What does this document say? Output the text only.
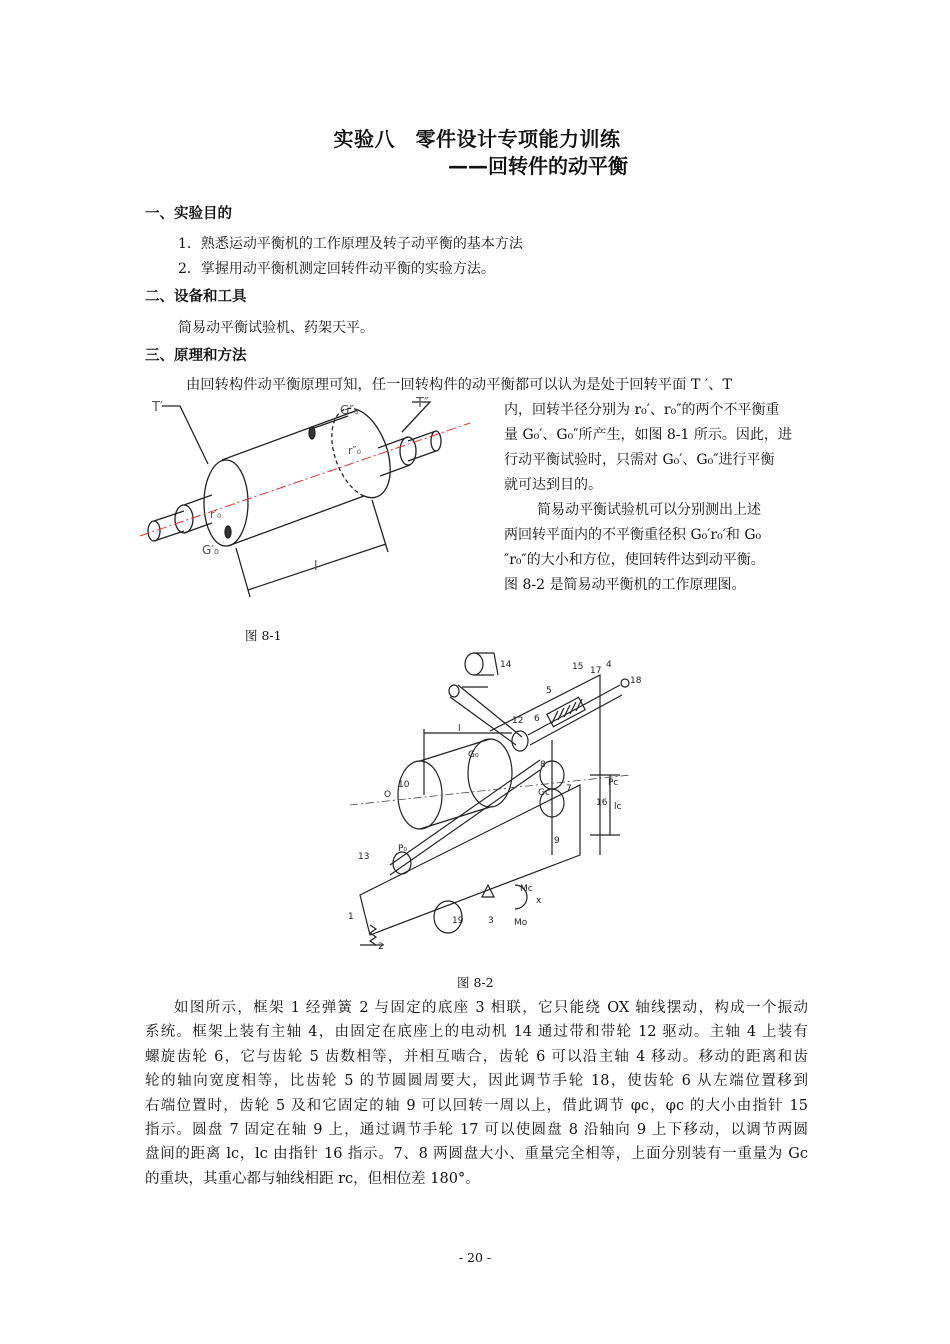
实验八　零件设计专项能力训练
——回转件的动平衡
一、实验目的
1．熟悉运动平衡机的工作原理及转子动平衡的基本方法
2．掌握用动平衡机测定回转件动平衡的实验方法。
二、设备和工具
简易动平衡试验机、药架天平。
三、原理和方法
由回转构件动平衡原理可知，任一回转构件的动平衡都可以认为是处于回转平面 T ′、T
内，回转半径分别为 r₀′、r₀″的两个不平衡重
量 G₀′、G₀″所产生，如图 8-1 所示。因此，进
行动平衡试验时，只需对 G₀′、G₀″进行平衡
就可达到目的。
简易动平衡试验机可以分别测出上述
两回转平面内的不平衡重径积 G₀′r₀′和 G₀
″r₀″的大小和方位，使回转件达到动平衡。
图 8-2 是简易动平衡机的工作原理图。
T′	T″
G″₀
r″₀
r′₀
G′₀
l
图 8-1
14	15 17
4
18
5
12 6
8
10	7
9
16
13
1
2
3
19
l
lc
x
O
Pc
Mc
Mo
G₀
Gc
P₀
图 8-2
如图所示，框架 1 经弹簧 2 与固定的底座 3 相联，它只能绕 OX 轴线摆动，构成一个振动
系统。框架上装有主轴 4，由固定在底座上的电动机 14 通过带和带轮 12 驱动。主轴 4 上装有
螺旋齿轮 6，它与齿轮 5 齿数相等，并相互啮合，齿轮 6 可以沿主轴 4 移动。移动的距离和齿
轮的轴向宽度相等，比齿轮 5 的节圆圆周要大，因此调节手轮 18，使齿轮 6 从左端位置移到
右端位置时，齿轮 5 及和它固定的轴 9 可以回转一周以上，借此调节 φc，φc 的大小由指针 15
指示。圆盘 7 固定在轴 9 上，通过调节手轮 17 可以使圆盘 8 沿轴向 9 上下移动，以调节两圆
盘间的距离 lc，lc 由指针 16 指示。7、8 两圆盘大小、重量完全相等，上面分别装有一重量为 Gc
的重块，其重心都与轴线相距 rc，但相位差 180°。
- 20 -
